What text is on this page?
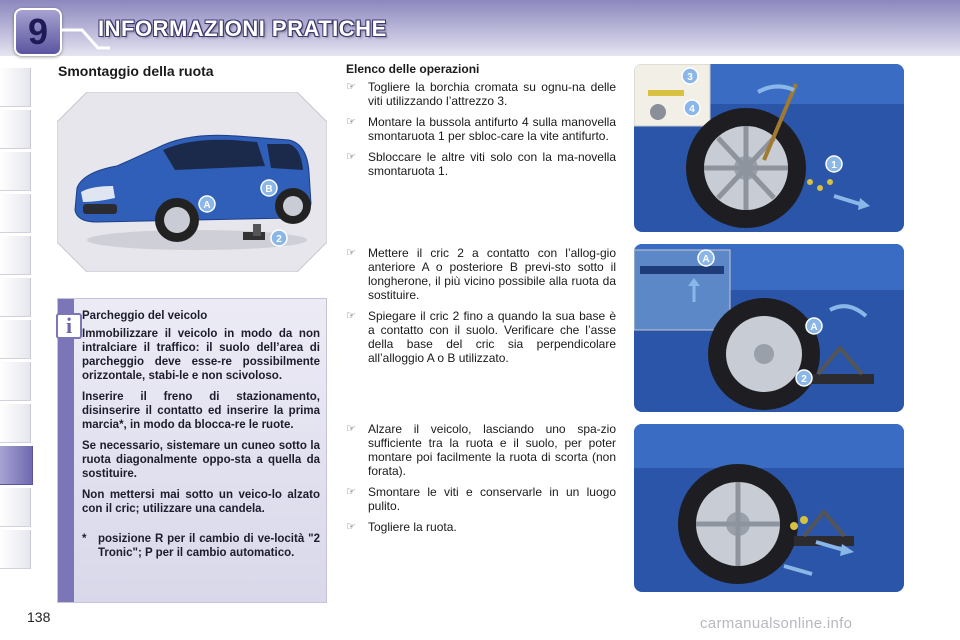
9	INFORMAZIONI PRATICHE
Smontaggio della ruota
A
B
2
i Parcheggio del veicolo

Immobilizzare il veicolo in modo da non intralciare il traffico: il suolo dell’area di parcheggio deve esse-re possibilmente orizzontale, stabi-le e non scivoloso.

Inserire il freno di stazionamento, disinserire il contatto ed inserire la prima marcia*, in modo da blocca-re le ruote.

Se necessario, sistemare un cuneo sotto la ruota diagonalmente oppo-sta a quella da sostituire.

Non mettersi mai sotto un veico-lo alzato con il cric; utilizzare una candela.

*	posizione R per il cambio di ve-locità "2 Tronic"; P per il cambio automatico.
Elenco delle operazioni
☞	Togliere la borchia cromata su ognu-na delle viti utilizzando l’attrezzo 3.
☞	Montare la bussola antifurto 4 sulla manovella smontaruota 1 per sbloc-care la vite antifurto.
☞	Sbloccare le altre viti solo con la ma-novella smontaruota 1.
☞	Mettere il cric 2 a contatto con l’allog-gio anteriore A o posteriore B previ-sto sotto il longherone, il più vicino possibile alla ruota da sostituire.
☞	Spiegare il cric 2 fino a quando la sua base è a contatto con il suolo. Verificare che l’asse della base del cric sia perpendicolare all’alloggio A o B utilizzato.
☞	Alzare il veicolo, lasciando uno spa-zio sufficiente tra la ruota e il suolo, per poter montare poi facilmente la ruota di scorta (non forata).
☞	Smontare le viti e conservarle in un luogo pulito.
☞	Togliere la ruota.
3
4
1
A
A
2
138	carmanualsonline.info
